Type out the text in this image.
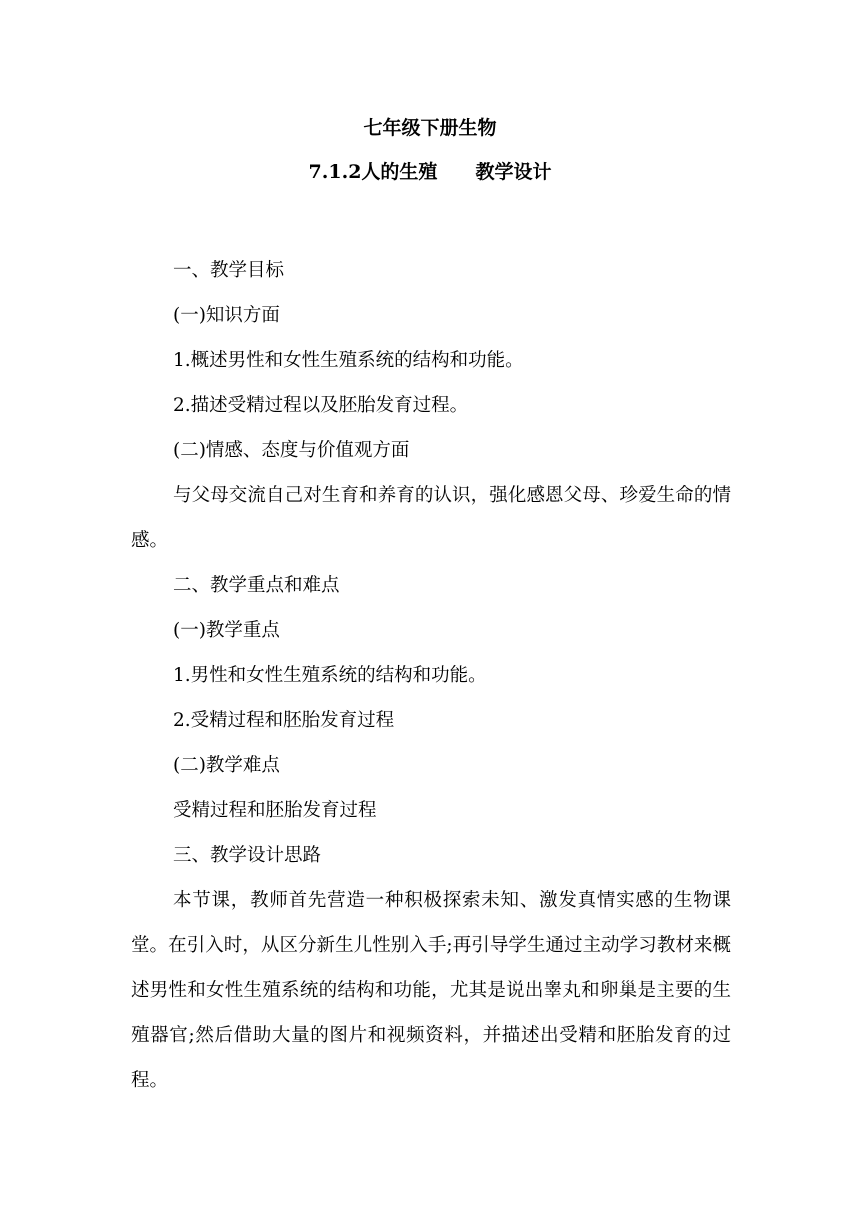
七年级下册生物
7.1.2人的生殖 教学设计

一、教学目标

(一)知识方面

1.概述男性和女性生殖系统的结构和功能。

2.描述受精过程以及胚胎发育过程。

(二)情感、态度与价值观方面

与父母交流自己对生育和养育的认识，强化感恩父母、珍爱生命的情感。

二、教学重点和难点

(一)教学重点

1.男性和女性生殖系统的结构和功能。

2.受精过程和胚胎发育过程

(二)教学难点

受精过程和胚胎发育过程

三、教学设计思路

本节课，教师首先营造一种积极探索未知、激发真情实感的生物课堂。在引入时，从区分新生儿性别入手;再引导学生通过主动学习教材来概述男性和女性生殖系统的结构和功能，尤其是说出睾丸和卵巢是主要的生殖器官;然后借助大量的图片和视频资料，并描述出受精和胚胎发育的过程。
